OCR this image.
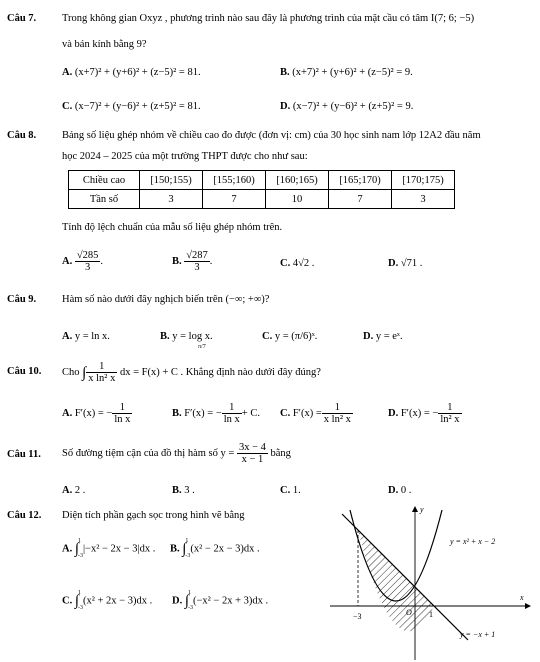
Câu 7. Trong không gian Oxyz , phương trình nào sau đây là phương trình của mặt cầu có tâm I(7; 6; −5)
và bán kính bằng 9?
A. (x+7)² + (y+6)² + (z−5)² = 81.	B. (x+7)² + (y+6)² + (z−5)² = 9.
C. (x−7)² + (y−6)² + (z+5)² = 81.	D. (x−7)² + (y−6)² + (z+5)² = 9.
Câu 8. Bảng số liệu ghép nhóm về chiều cao đo được (đơn vị: cm) của 30 học sinh nam lớp 12A2 đầu năm
học 2024 – 2025 của một trường THPT được cho như sau:
Chiều cao	[150;155)	[155;160)	[160;165)	[165;170)	[170;175)
Tần số	3	7	10	7	3
Tính độ lệch chuẩn của mẫu số liệu ghép nhóm trên.
A. $\frac{√285}{3}$ .	B. $\frac{√287}{3}$ .	C. 4√2 .	D. √71 .
Câu 9. Hàm số nào dưới đây nghịch biến trên (−∞; +∞)?
A. y = ln x.	B. y = log x.
π/7
C. y = (π/6)ˣ.	D. y = eˣ.
Câu 10. Cho ∫ $\frac{1}{\text{x ln² x}}$ dx = F(x) + C . Khẳng định nào dưới đây đúng?
A. F′(x) = − $\frac{1}{\text{ln x}}$	B. F′(x) = − $\frac{1}{\text{ln x}} + C$. C. $F'(x) = \frac{1}{\text{x ln² x}}$	D. F′(x) = − $\frac{1}{\text{ln² x}}$
Câu 11. Số đường tiệm cận của đồ thị hàm số $y = \frac{3x - 4}{x - 1}$ bằng
A. 2 .	B. 3 .	C. 1.	D. 0 .
Câu 12. Diện tích phần gạch sọc trong hình vẽ bằng
A. ∫
1
-3
|−x² − 2x − 3|dx . B. ∫
1
-3
(x² − 2x − 3)dx .
C. ∫
1
-3
(x² + 2x − 3)dx . D. ∫
1
-3
(−x² − 2x + 3)dx .
−3	1
O
y
x
y = x² + x − 2
y = −x + 1
